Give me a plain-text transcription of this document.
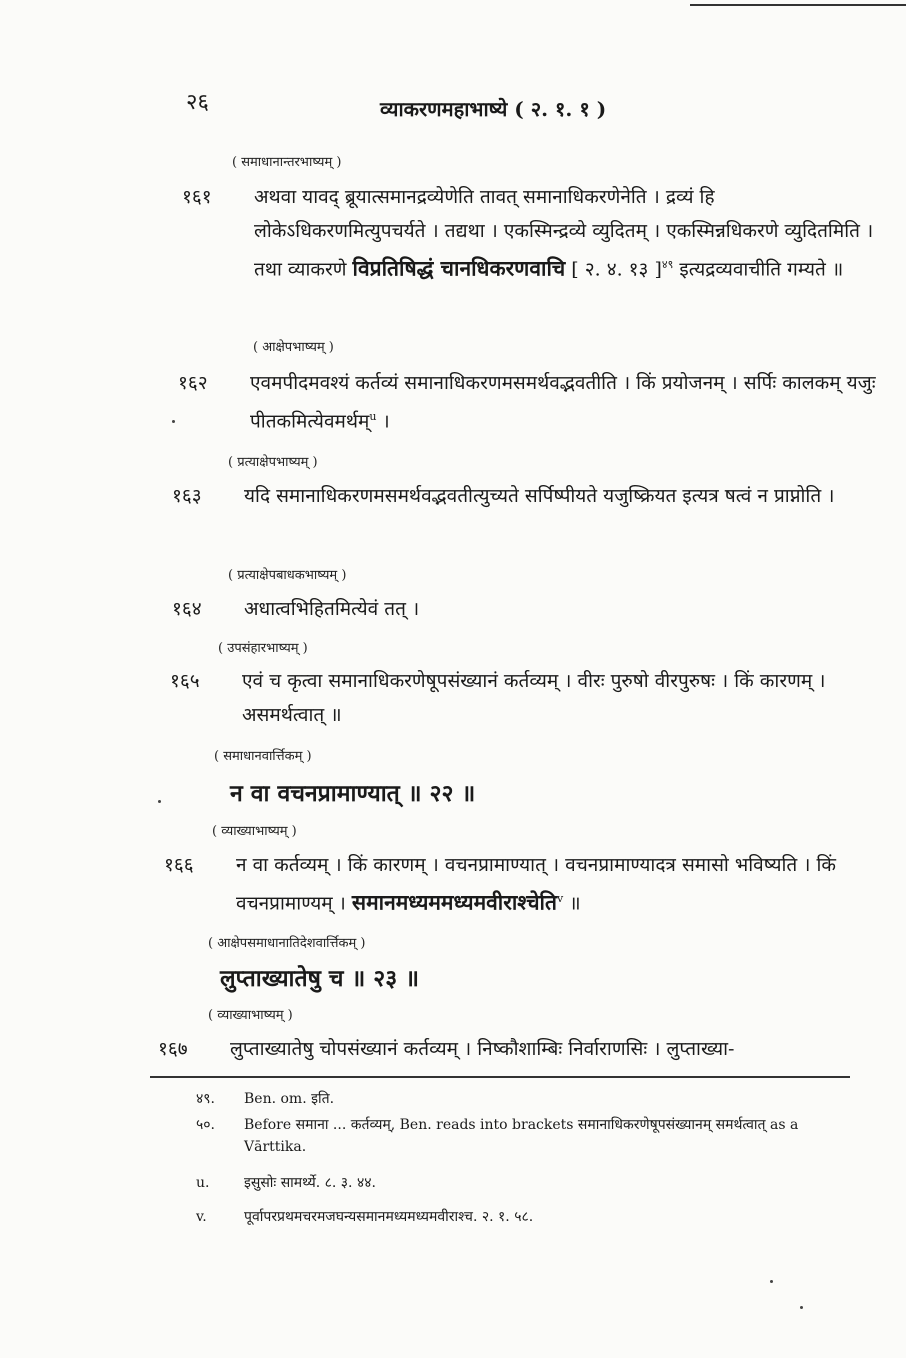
२६	व्याकरणमहाभाष्ये ( २. १. १ )
( समाधानान्तरभाष्यम् )
१६१	अथवा यावद् ब्रूयात्समानद्रव्येणेति तावत् समानाधिकरणेनेति । द्रव्यं हि लोकेऽधिकरणमित्युपचर्यते । तद्यथा । एकस्मिन्द्रव्ये व्युदितम् । एकस्मिन्नधिकरणे व्युदितमिति । तथा व्याकरणे विप्रतिषिद्धं चानधिकरणवाचि [ २. ४. १३ ]$^{४९}$ इत्यद्रव्यवाचीति गम्यते ॥
( आक्षेपभाष्यम् )
१६२	एवमपीदमवश्यं कर्तव्यं समानाधिकरणमसमर्थवद्भवतीति । किं प्रयोजनम् । सर्पिः कालकम् यजुः पीतकमित्येवमर्थम्$^u$ ।
( प्रत्याक्षेपभाष्यम् )
१६३	यदि समानाधिकरणमसमर्थवद्भवतीत्युच्यते सर्पिष्पीयते यजुष्क्रियत इत्यत्र षत्वं न प्राप्नोति ।
( प्रत्याक्षेपबाधकभाष्यम् )
१६४	अधात्वभिहितमित्येवं तत् ।
( उपसंहारभाष्यम् )
१६५	एवं च कृत्वा समानाधिकरणेषूपसंख्यानं कर्तव्यम् । वीरः पुरुषो वीरपुरुषः । किं कारणम् । असमर्थत्वात् ॥
( समाधानवार्त्तिकम् )
न वा वचनप्रामाण्यात् ॥ २२ ॥
( व्याख्याभाष्यम् )
१६६	न वा कर्तव्यम् । किं कारणम् । वचनप्रामाण्यात् । वचनप्रामाण्यादत्र समासो भविष्यति । किं वचनप्रामाण्यम् । समानमध्यममध्यमवीराश्चेति$^v$ ॥
( आक्षेपसमाधानातिदेशवार्त्तिकम् )
लुप्ताख्यातेषु च ॥ २३ ॥
( व्याख्याभाष्यम् )
१६७	लुप्ताख्यातेषु चोपसंख्यानं कर्तव्यम् । निष्कौशाम्बिः निर्वाराणसिः । लुप्ताख्या-
४९.	Ben. om. इति.
५०.	Before समाना ... कर्तव्यम्, Ben. reads into brackets समानाधिकरणेषूपसंख्यानम् समर्थत्वात् as a Vārttika.
u.	इसुसोः सामर्थ्ये. ८. ३. ४४.
v.	पूर्वापरप्रथमचरमजघन्यसमानमध्यमध्यमवीराश्च. २. १. ५८.
